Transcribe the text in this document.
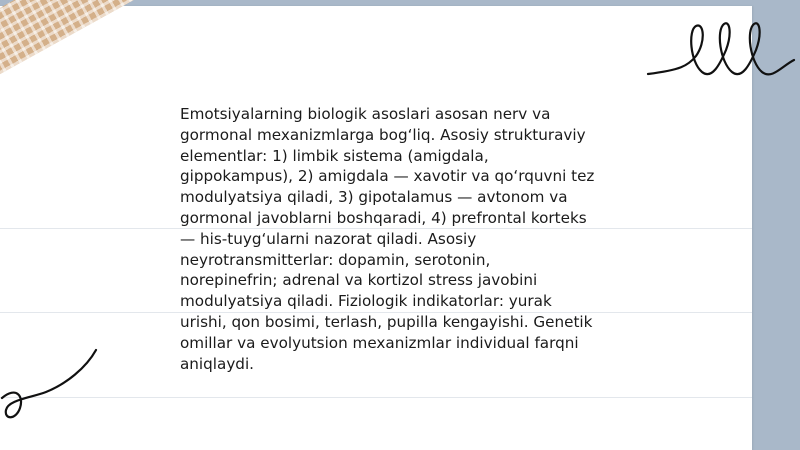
Emotsiyalarning biologik asoslari asosan nerv va
gormonal mexanizmlarga bog‘liq. Asosiy strukturaviy
elementlar: 1) limbik sistema (amigdala,
gippokampus), 2) amigdala — xavotir va qo‘rquvni tez
modulyatsiya qiladi, 3) gipotalamus — avtonom va
gormonal javoblarni boshqaradi, 4) prefrontal korteks
— his-tuyg‘ularni nazorat qiladi. Asosiy
neyrotransmitterlar: dopamin, serotonin,
norepinefrin; adrenal va kortizol stress javobini
modulyatsiya qiladi. Fiziologik indikatorlar: yurak
urishi, qon bosimi, terlash, pupilla kengayishi. Genetik
omillar va evolyutsion mexanizmlar individual farqni
aniqlaydi.
